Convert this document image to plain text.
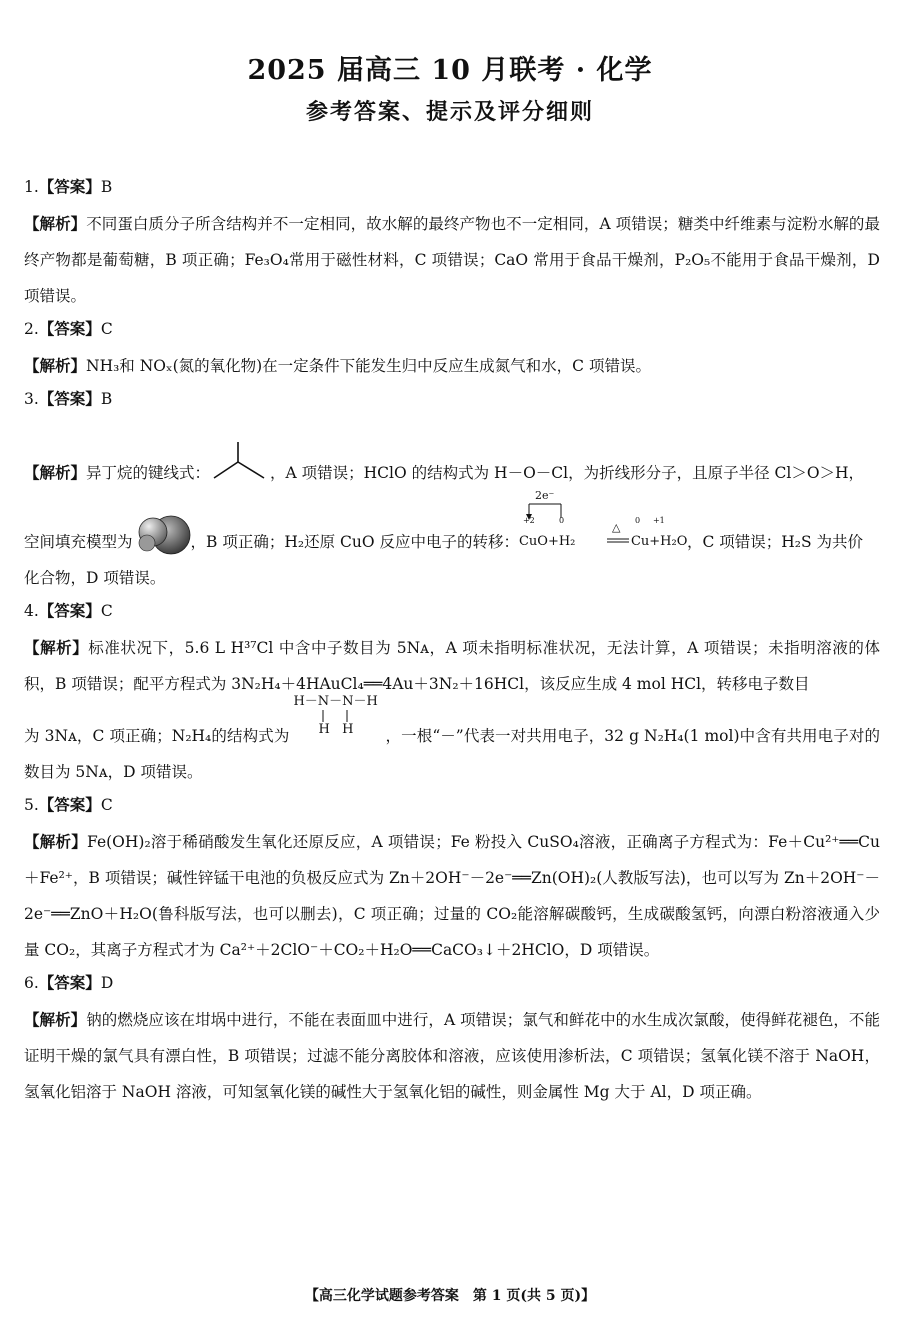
2025 届高三 10 月联考 · 化学
参考答案、提示及评分细则
1.【答案】B
【解析】不同蛋白质分子所含结构并不一定相同，故水解的最终产物也不一定相同，A 项错误；糖类中纤维素与淀粉水解的最终产物都是葡萄糖，B 项正确；Fe₃O₄常用于磁性材料，C 项错误；CaO 常用于食品干燥剂，P₂O₅不能用于食品干燥剂，D 项错误。
2.【答案】C
【解析】NH₃和 NOₓ(氮的氧化物)在一定条件下能发生归中反应生成氮气和水，C 项错误。
3.【答案】B
【解析】异丁烷的键线式：	，A 项错误；HClO 的结构式为 H－O－Cl，为折线形分子，且原子半径 Cl＞O＞H，

空间填充模型为	，B 项正确；H₂还原 CuO 反应中电子的转移：
2e⁻
+2	0
CuO+H₂
△
0 +1
Cu+H₂O ，C 项错误；H₂S 为共价
化合物，D 项错误。
4.【答案】C
【解析】标准状况下，5.6 L H³⁷Cl 中含中子数目为 5Nᴀ，A 项未指明标准状况，无法计算，A 项错误；未指明溶液的体积，B 项错误；配平方程式为 3N₂H₄＋4HAuCl₄══4Au＋3N₂＋16HCl，该反应生成 4 mol HCl，转移电子数目
为 3Nᴀ，C 项正确；N₂H₄的结构式为
H－N－N－H
H   H ，一根“－”代表一对共用电子，32 g N₂H₄(1 mol)中含有共用电子对的数目为 5Nᴀ，D 项错误。
5.【答案】C
【解析】Fe(OH)₂溶于稀硝酸发生氧化还原反应，A 项错误；Fe 粉投入 CuSO₄溶液，正确离子方程式为：Fe＋Cu²⁺══Cu＋Fe²⁺，B 项错误；碱性锌锰干电池的负极反应式为 Zn＋2OH⁻－2e⁻══Zn(OH)₂(人教版写法)，也可以写为 Zn＋2OH⁻－2e⁻══ZnO＋H₂O(鲁科版写法，也可以删去)，C 项正确；过量的 CO₂能溶解碳酸钙，生成碳酸氢钙，向漂白粉溶液通入少量 CO₂，其离子方程式才为 Ca²⁺＋2ClO⁻＋CO₂＋H₂O══CaCO₃↓＋2HClO，D 项错误。
6.【答案】D
【解析】钠的燃烧应该在坩埚中进行，不能在表面皿中进行，A 项错误；氯气和鲜花中的水生成次氯酸，使得鲜花褪色，不能证明干燥的氯气具有漂白性，B 项错误；过滤不能分离胶体和溶液，应该使用渗析法，C 项错误；氢氧化镁不溶于 NaOH，氢氧化铝溶于 NaOH 溶液，可知氢氧化镁的碱性大于氢氧化铝的碱性，则金属性 Mg 大于 Al，D 项正确。
【高三化学试题参考答案　第 1 页(共 5 页)】
